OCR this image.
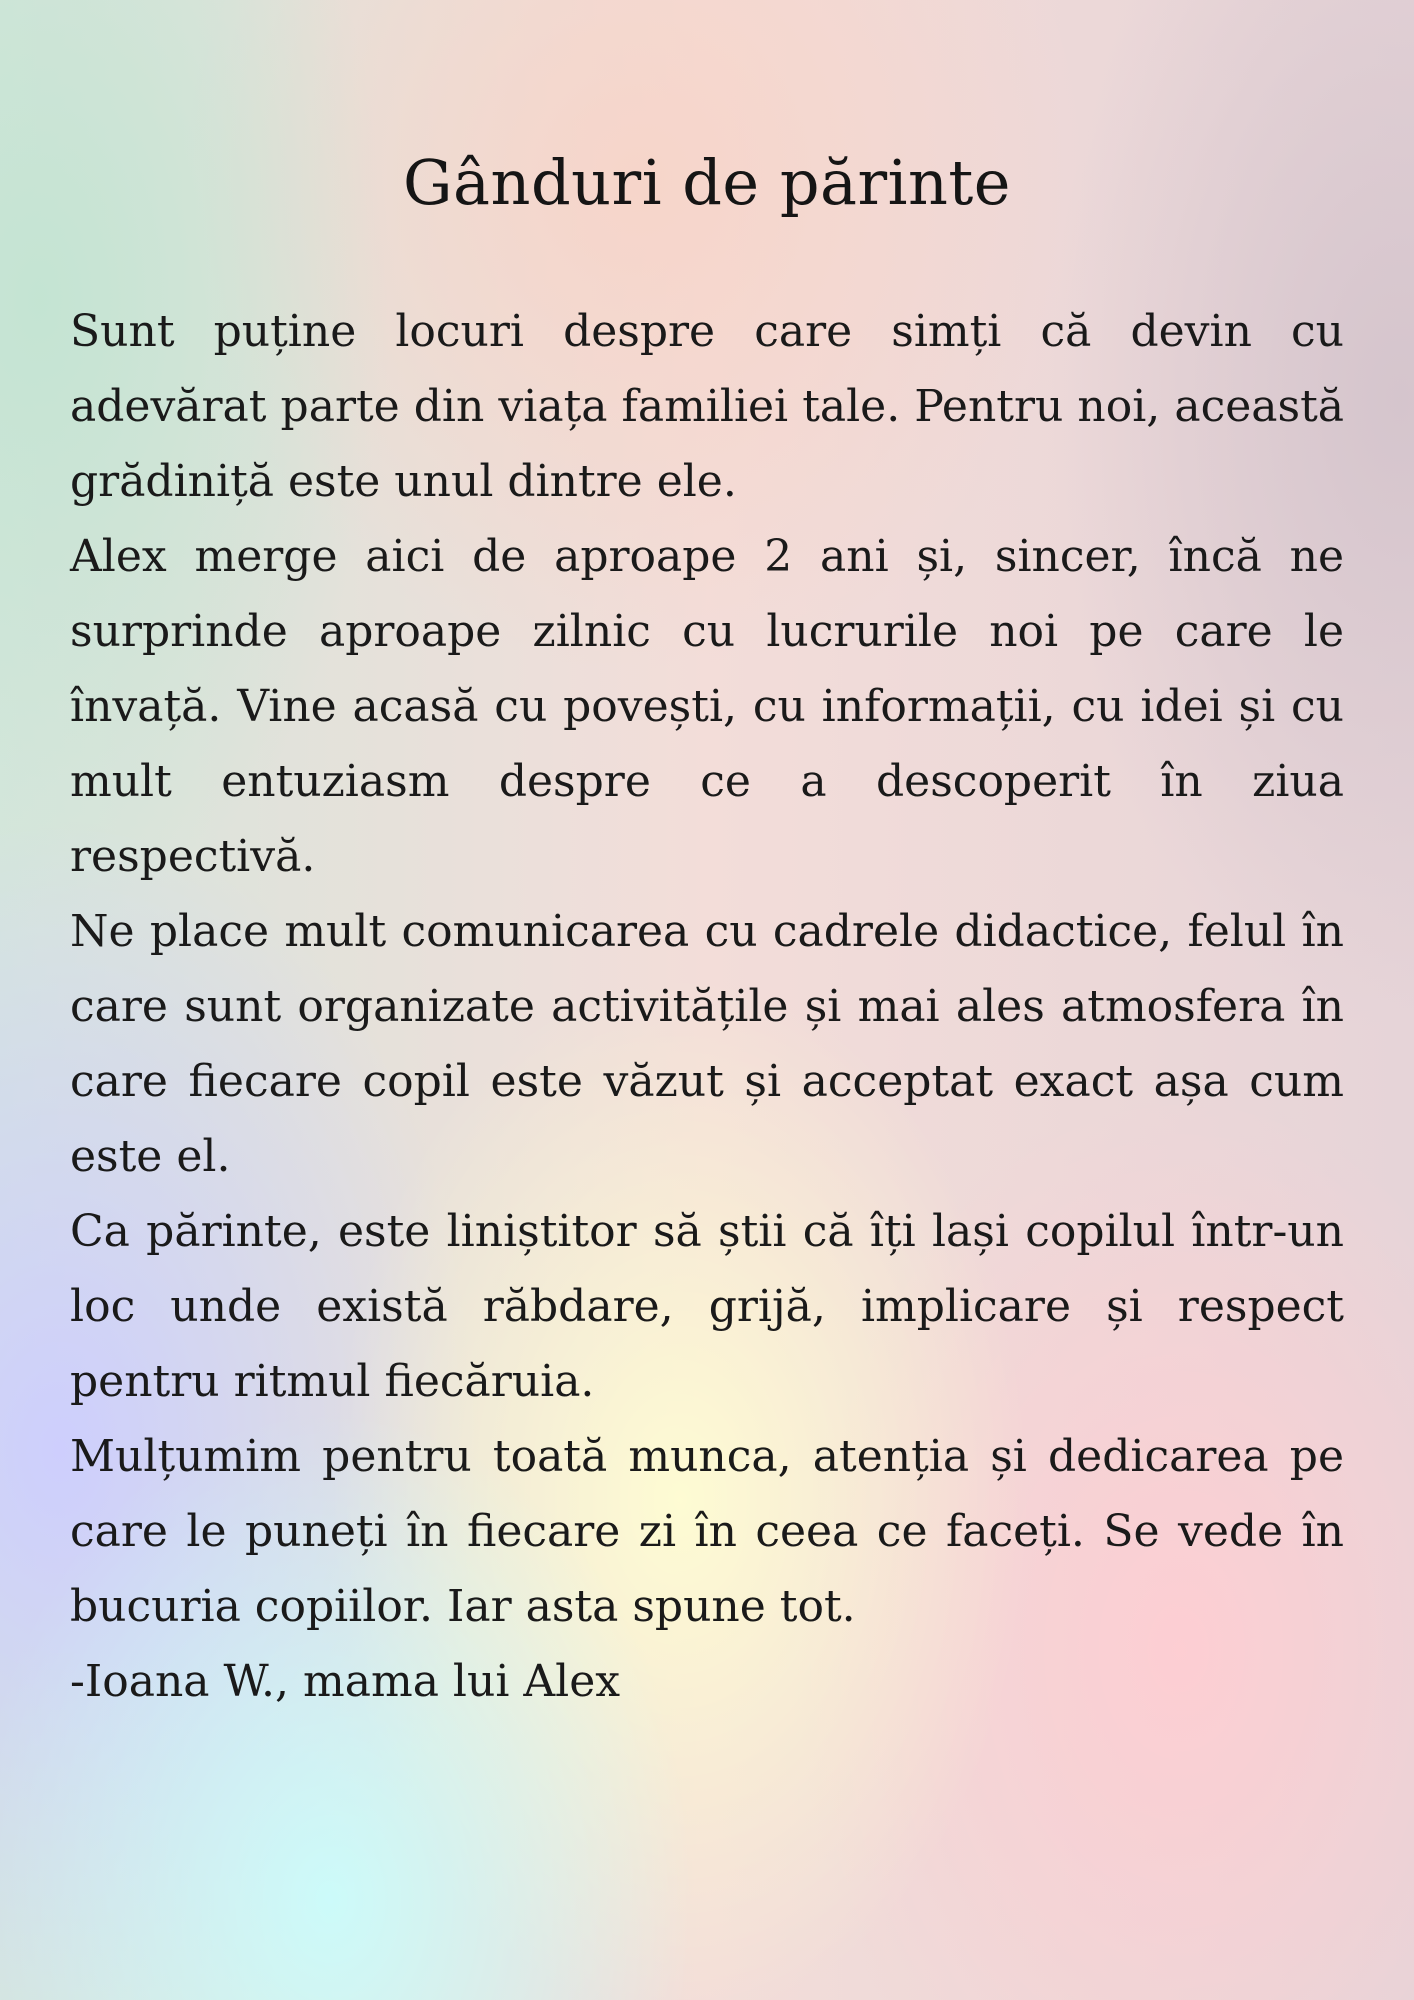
Gânduri de părinte

Sunt puține locuri despre care simți că devin cu adevărat parte din viața familiei tale. Pentru noi, această grădiniță este unul dintre ele.

Alex merge aici de aproape 2 ani și, sincer, încă ne surprinde aproape zilnic cu lucrurile noi pe care le învață. Vine acasă cu povești, cu informații, cu idei și cu mult entuziasm despre ce a descoperit în ziua respectivă.

Ne place mult comunicarea cu cadrele didactice, felul în care sunt organizate activitățile și mai ales atmosfera în care fiecare copil este văzut și acceptat exact așa cum este el.

Ca părinte, este liniștitor să știi că îți lași copilul într-un loc unde există răbdare, grijă, implicare și respect pentru ritmul fiecăruia.

Mulțumim pentru toată munca, atenția și dedicarea pe care le puneți în fiecare zi în ceea ce faceți. Se vede în bucuria copiilor. Iar asta spune tot.

-Ioana W., mama lui Alex
